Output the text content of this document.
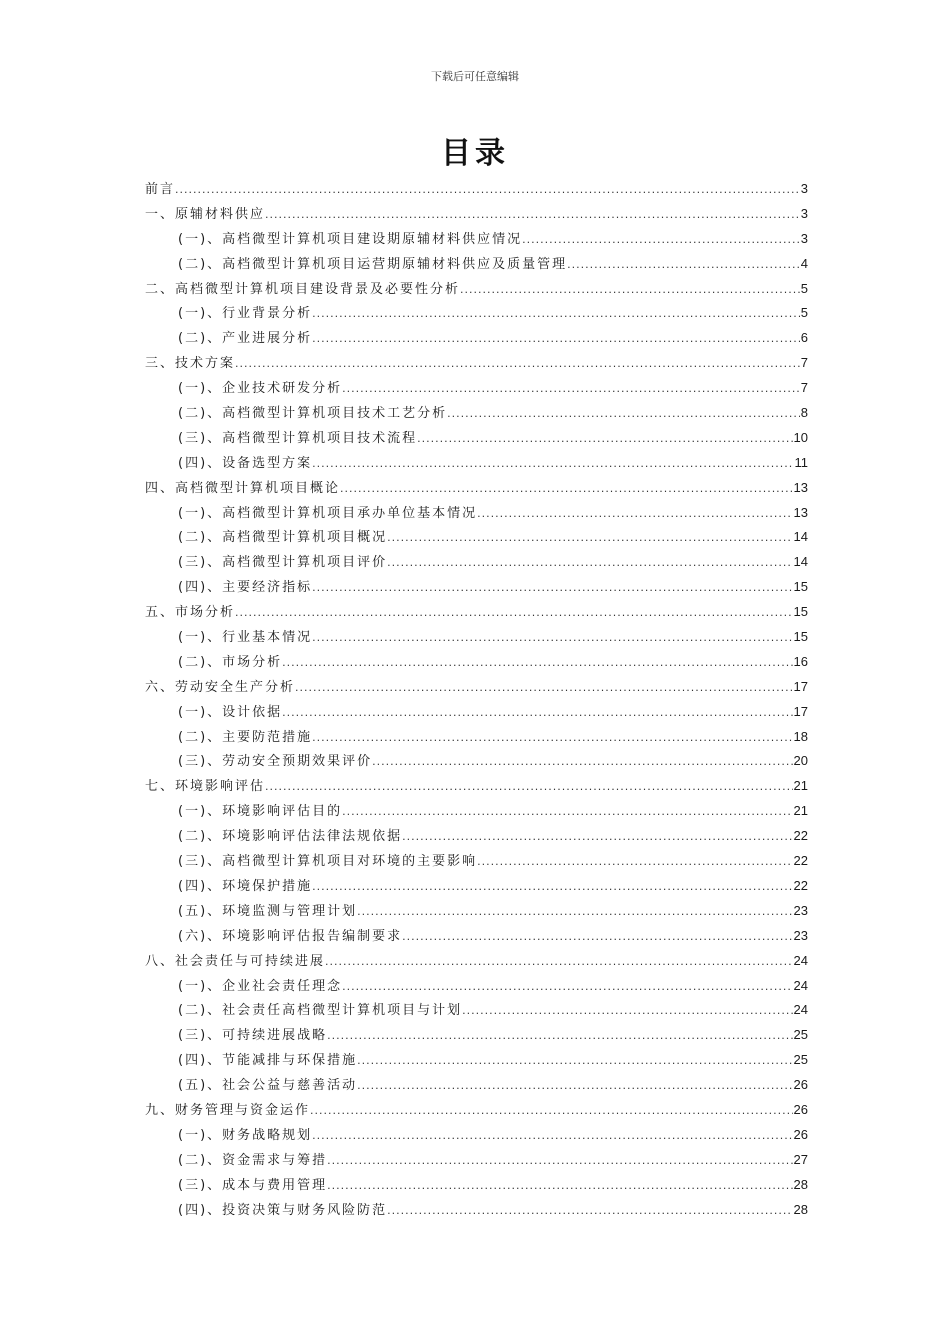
下载后可任意编辑
目录
前言 .....	3
一、原辅材料供应 .....	3
(一)、高档微型计算机项目建设期原辅材料供应情况 .....	3
(二)、高档微型计算机项目运营期原辅材料供应及质量管理 .....	4
二、高档微型计算机项目建设背景及必要性分析 .....	5
(一)、行业背景分析 .....	5
(二)、产业进展分析 .....	6
三、技术方案 .....	7
(一)、企业技术研发分析 .....	7
(二)、高档微型计算机项目技术工艺分析 .....	8
(三)、高档微型计算机项目技术流程 .....	10
(四)、设备选型方案 .....	11
四、高档微型计算机项目概论 .....	13
(一)、高档微型计算机项目承办单位基本情况 .....	13
(二)、高档微型计算机项目概况 .....	14
(三)、高档微型计算机项目评价 .....	14
(四)、主要经济指标 .....	15
五、市场分析 .....	15
(一)、行业基本情况 .....	15
(二)、市场分析 .....	16
六、劳动安全生产分析 .....	17
(一)、设计依据 .....	17
(二)、主要防范措施 .....	18
(三)、劳动安全预期效果评价 .....	20
七、环境影响评估 .....	21
(一)、环境影响评估目的 .....	21
(二)、环境影响评估法律法规依据 .....	22
(三)、高档微型计算机项目对环境的主要影响 .....	22
(四)、环境保护措施 .....	22
(五)、环境监测与管理计划 .....	23
(六)、环境影响评估报告编制要求 .....	23
八、社会责任与可持续进展 .....	24
(一)、企业社会责任理念 .....	24
(二)、社会责任高档微型计算机项目与计划 .....	24
(三)、可持续进展战略 .....	25
(四)、节能减排与环保措施 .....	25
(五)、社会公益与慈善活动 .....	26
九、财务管理与资金运作 .....	26
(一)、财务战略规划 .....	26
(二)、资金需求与筹措 .....	27
(三)、成本与费用管理 .....	28
(四)、投资决策与财务风险防范 .....	28
